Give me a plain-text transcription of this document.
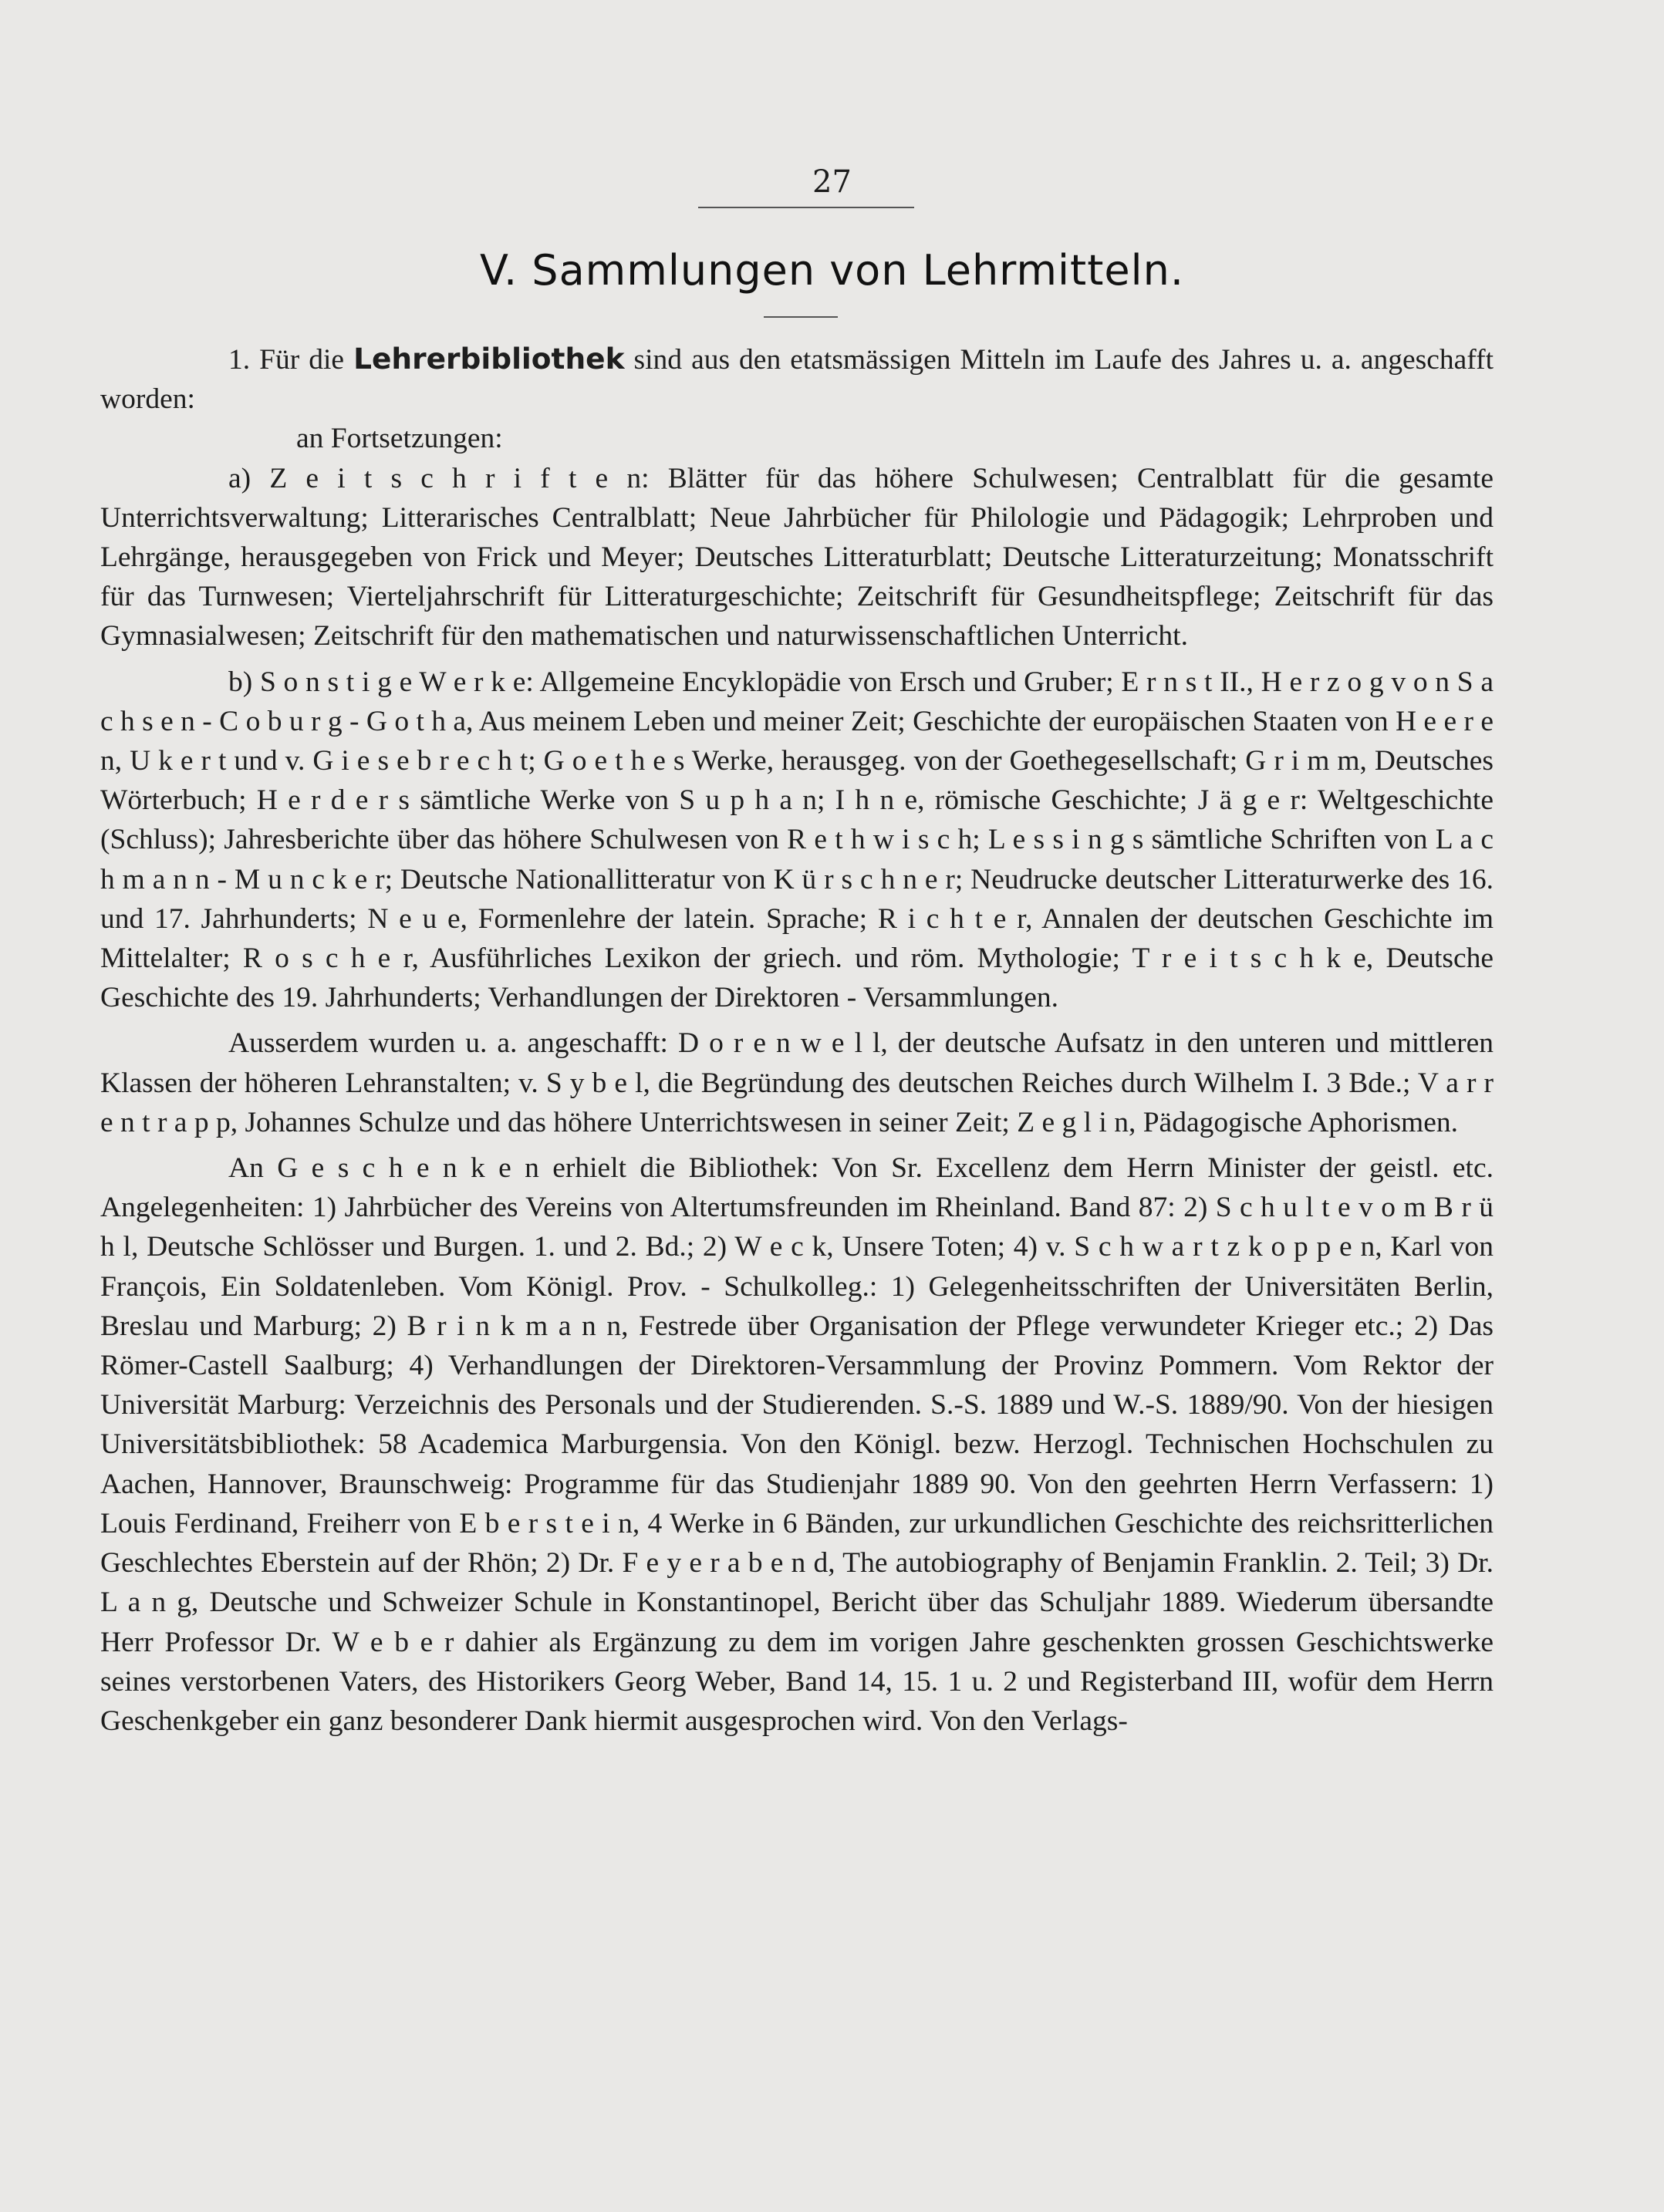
27
V. Sammlungen von Lehrmitteln.

1. Für die Lehrerbibliothek sind aus den etatsmässigen Mitteln im Laufe des Jahres u. a. angeschafft worden:

an Fortsetzungen:

a) Z e i t s c h r i f t e n: Blätter für das höhere Schulwesen; Centralblatt für die gesamte Unterrichtsverwaltung; Litterarisches Centralblatt; Neue Jahrbücher für Philologie und Pädagogik; Lehrproben und Lehrgänge, herausgegeben von Frick und Meyer; Deutsches Litteraturblatt; Deutsche Litteraturzeitung; Monatsschrift für das Turnwesen; Vierteljahrschrift für Litteraturgeschichte; Zeitschrift für Gesundheitspflege; Zeitschrift für das Gymnasialwesen; Zeitschrift für den mathematischen und naturwissenschaftlichen Unterricht.

b) S o n s t i g e W e r k e: Allgemeine Encyklopädie von Ersch und Gruber; E r n s t II., H e r z o g v o n S a c h s e n - C o b u r g - G o t h a, Aus meinem Leben und meiner Zeit; Geschichte der europäischen Staaten von H e e r e n, U k e r t und v. G i e s e b r e c h t; G o e t h e s Werke, herausgeg. von der Goethegesellschaft; G r i m m, Deutsches Wörterbuch; H e r d e r s sämtliche Werke von S u p h a n; I h n e, römische Geschichte; J ä g e r: Weltgeschichte (Schluss); Jahresberichte über das höhere Schulwesen von R e t h w i s c h; L e s s i n g s sämtliche Schriften von L a c h m a n n - M u n c k e r; Deutsche Nationallitteratur von K ü r s c h n e r; Neudrucke deutscher Litteraturwerke des 16. und 17. Jahrhunderts; N e u e, Formenlehre der latein. Sprache; R i c h t e r, Annalen der deutschen Geschichte im Mittelalter; R o s c h e r, Ausführliches Lexikon der griech. und röm. Mythologie; T r e i t s c h k e, Deutsche Geschichte des 19. Jahrhunderts; Verhandlungen der Direktoren - Versammlungen.

Ausserdem wurden u. a. angeschafft: D o r e n w e l l, der deutsche Aufsatz in den unteren und mittleren Klassen der höheren Lehranstalten; v. S y b e l, die Begründung des deutschen Reiches durch Wilhelm I. 3 Bde.; V a r r e n t r a p p, Johannes Schulze und das höhere Unterrichtswesen in seiner Zeit; Z e g l i n, Pädagogische Aphorismen.

An G e s c h e n k e n erhielt die Bibliothek: Von Sr. Excellenz dem Herrn Minister der geistl. etc. Angelegenheiten: 1) Jahrbücher des Vereins von Altertumsfreunden im Rheinland. Band 87: 2) S c h u l t e v o m B r ü h l, Deutsche Schlösser und Burgen. 1. und 2. Bd.; 2) W e c k, Unsere Toten; 4) v. S c h w a r t z k o p p e n, Karl von François, Ein Soldatenleben. Vom Königl. Prov. - Schulkolleg.: 1) Gelegenheitsschriften der Universitäten Berlin, Breslau und Marburg; 2) B r i n k m a n n, Festrede über Organisation der Pflege verwundeter Krieger etc.; 2) Das Römer-Castell Saalburg; 4) Verhandlungen der Direktoren-Versammlung der Provinz Pommern. Vom Rektor der Universität Marburg: Verzeichnis des Personals und der Studierenden. S.-S. 1889 und W.-S. 1889/90. Von der hiesigen Universitätsbibliothek: 58 Academica Marburgensia. Von den Königl. bezw. Herzogl. Technischen Hochschulen zu Aachen, Hannover, Braunschweig: Programme für das Studienjahr 1889 90. Von den geehrten Herrn Verfassern: 1) Louis Ferdinand, Freiherr von E b e r s t e i n, 4 Werke in 6 Bänden, zur urkundlichen Geschichte des reichsritterlichen Geschlechtes Eberstein auf der Rhön; 2) Dr. F e y e r a b e n d, The autobiography of Benjamin Franklin. 2. Teil; 3) Dr. L a n g, Deutsche und Schweizer Schule in Konstantinopel, Bericht über das Schuljahr 1889. Wiederum übersandte Herr Professor Dr. W e b e r dahier als Ergänzung zu dem im vorigen Jahre geschenkten grossen Geschichtswerke seines verstorbenen Vaters, des Historikers Georg Weber, Band 14, 15. 1 u. 2 und Registerband III, wofür dem Herrn Geschenkgeber ein ganz besonderer Dank hiermit ausgesprochen wird. Von den Verlags-
